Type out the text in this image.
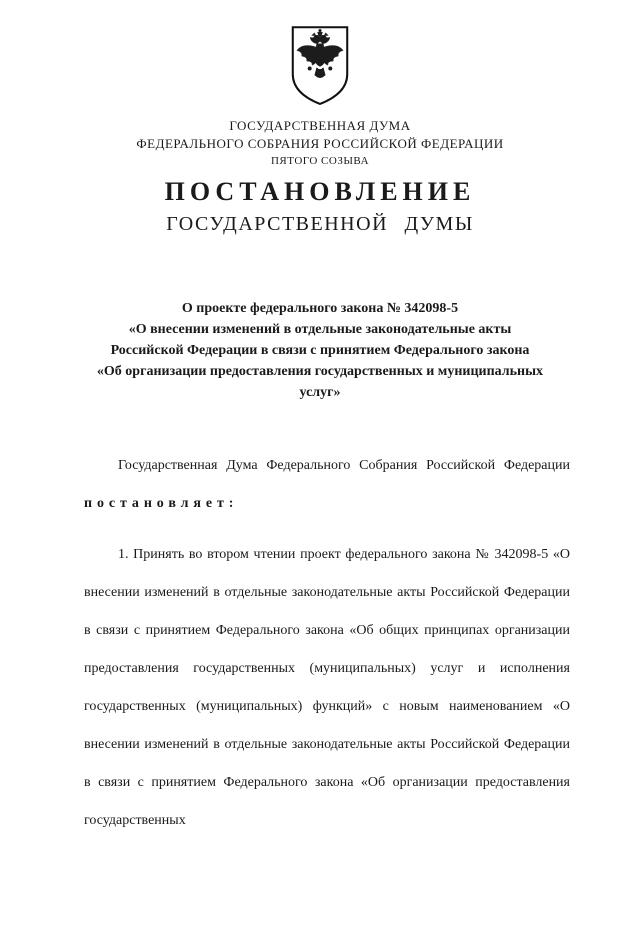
ГОСУДАРСТВЕННАЯ ДУМА
ФЕДЕРАЛЬНОГО СОБРАНИЯ РОССИЙСКОЙ ФЕДЕРАЦИИ
ПЯТОГО СОЗЫВА
ПОСТАНОВЛЕНИЕ
ГОСУДАРСТВЕННОЙ ДУМЫ
О проекте федерального закона № 342098-5
«О внесении изменений в отдельные законодательные акты
Российской Федерации в связи с принятием Федерального закона
«Об организации предоставления государственных и муниципальных
услуг»

Государственная Дума Федерального Собрания Российской Федерации постановляет:

1. Принять во втором чтении проект федерального закона № 342098-5 «О внесении изменений в отдельные законодательные акты Российской Федерации в связи с принятием Федерального закона «Об общих принципах организации предоставления государственных (муниципальных) услуг и исполнения государственных (муниципальных) функций» с новым наименованием «О внесении изменений в отдельные законодательные акты Российской Федерации в связи с принятием Федерального закона «Об организации предоставления государственных
